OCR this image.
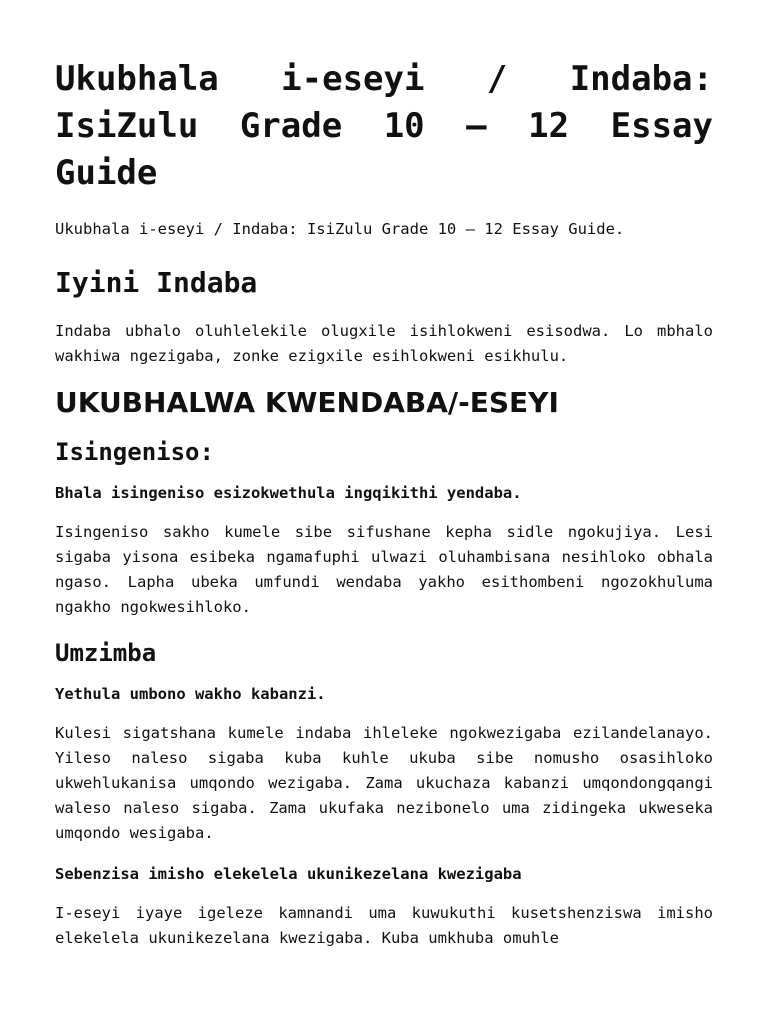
Ukubhala i-eseyi / Indaba: IsiZulu Grade 10 – 12 Essay Guide
Ukubhala i-eseyi / Indaba: IsiZulu Grade 10 – 12 Essay Guide.
Iyini Indaba

Indaba ubhalo oluhlelekile olugxile isihlokweni esisodwa. Lo mbhalo wakhiwa ngezigaba, zonke ezigxile esihlokweni esikhulu.

UKUBHALWA KWENDABA/-ESEYI
Isingeniso:

Bhala isingeniso esizokwethula ingqikithi yendaba.

Isingeniso sakho kumele sibe sifushane kepha sidle ngokujiya. Lesi sigaba yisona esibeka ngamafuphi ulwazi oluhambisana nesihloko obhala ngaso. Lapha ubeka umfundi wendaba yakho esithombeni ngozokhuluma ngakho ngokwesihloko.

Umzimba

Yethula umbono wakho kabanzi.

Kulesi sigatshana kumele indaba ihleleke ngokwezigaba ezilandelanayo. Yileso naleso sigaba kuba kuhle ukuba sibe nomusho osasihloko ukwehlukanisa umqondo wezigaba. Zama ukuchaza kabanzi umqondongqangi waleso naleso sigaba. Zama ukufaka nezibonelo uma zidingeka ukweseka umqondo wesigaba.

Sebenzisa imisho elekelela ukunikezelana kwezigaba

I-eseyi iyaye igeleze kamnandi uma kuwukuthi kusetshenziswa imisho elekelela ukunikezelana kwezigaba. Kuba umkhuba omuhle
